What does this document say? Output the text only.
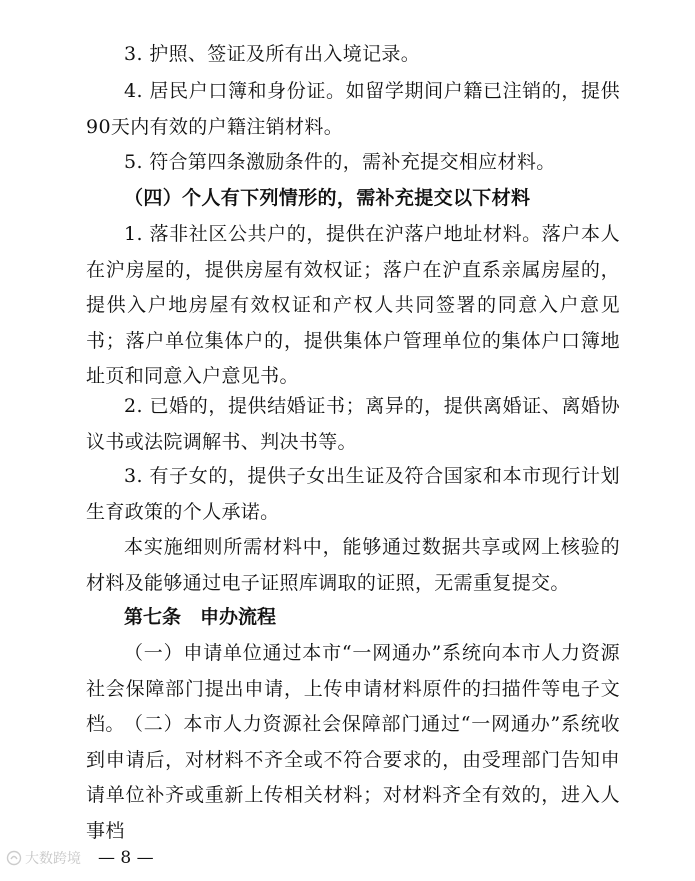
3. 护照、签证及所有出入境记录。
4. 居民户口簿和身份证。如留学期间户籍已注销的，提供90天内有效的户籍注销材料。
5. 符合第四条激励条件的，需补充提交相应材料。
（四）个人有下列情形的，需补充提交以下材料
1. 落非社区公共户的，提供在沪落户地址材料。落户本人在沪房屋的，提供房屋有效权证；落户在沪直系亲属房屋的，提供入户地房屋有效权证和产权人共同签署的同意入户意见书；落户单位集体户的，提供集体户管理单位的集体户口簿地址页和同意入户意见书。
2. 已婚的，提供结婚证书；离异的，提供离婚证、离婚协议书或法院调解书、判决书等。
3. 有子女的，提供子女出生证及符合国家和本市现行计划生育政策的个人承诺。
本实施细则所需材料中，能够通过数据共享或网上核验的材料及能够通过电子证照库调取的证照，无需重复提交。
第七条　申办流程
（一）申请单位通过本市“一网通办”系统向本市人力资源社会保障部门提出申请，上传申请材料原件的扫描件等电子文档。 （二）本市人力资源社会保障部门通过“一网通办”系统收到申请后，对材料不齐全或不符合要求的，由受理部门告知申请单位补齐或重新上传相关材料；对材料齐全有效的，进入人事档
— 8 —
大数跨境
